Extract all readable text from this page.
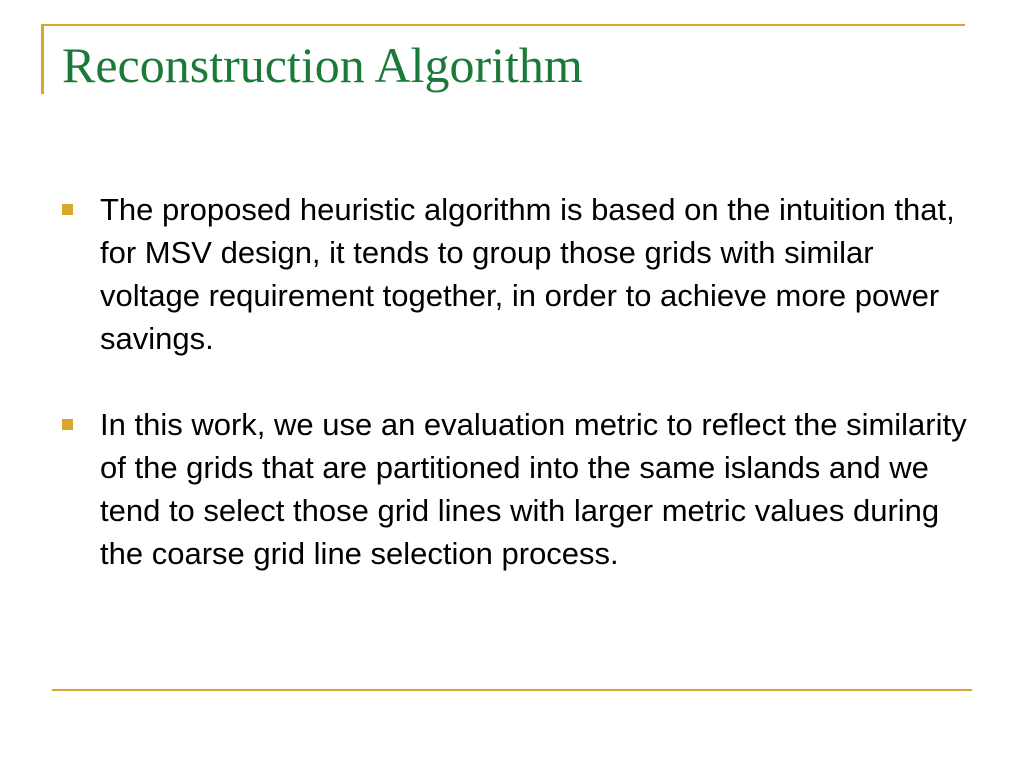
Reconstruction Algorithm
The proposed heuristic algorithm is based on the intuition that, for MSV design, it tends to group those grids with similar voltage requirement together, in order to achieve more power savings.
In this work, we use an evaluation metric to reflect the similarity of the grids that are partitioned into the same islands and we tend to select those grid lines with larger metric values during the coarse grid line selection process.
